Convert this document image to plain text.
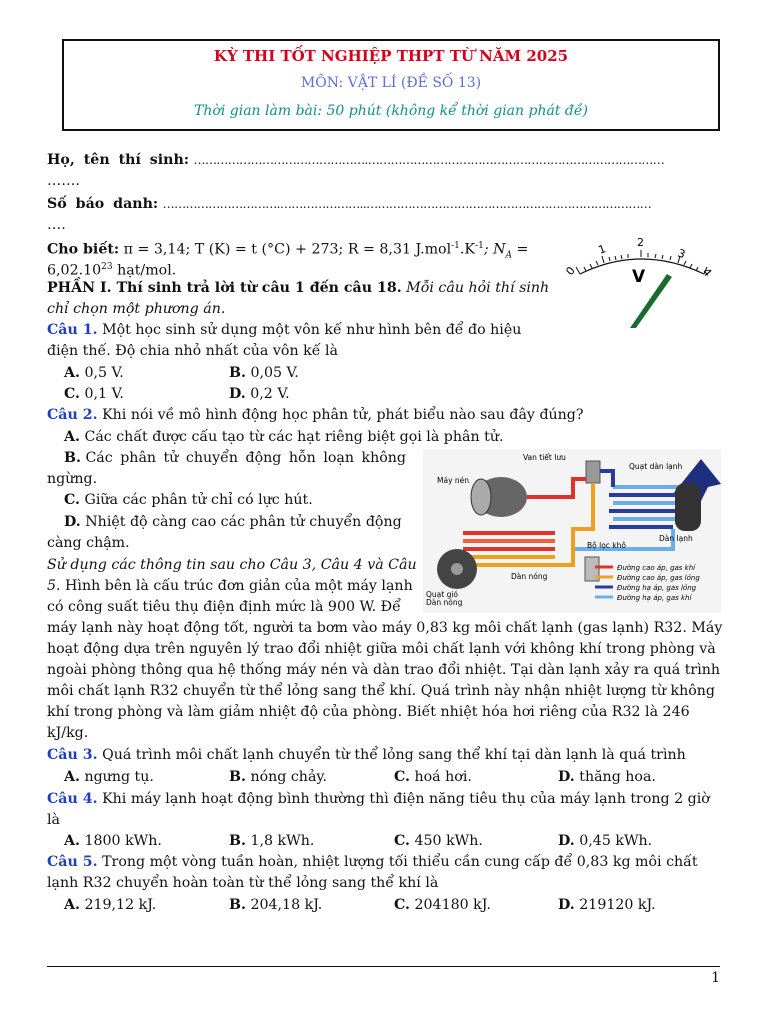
KỲ THI TỐT NGHIỆP THPT TỪ NĂM 2025
MÔN: VẬT LÍ (ĐỀ SỐ 13)
Thời gian làm bài: 50 phút (không kể thời gian phát đề)
Họ, tên thí sinh: ……………………………………….……………………………………………………………………
…….
Số báo danh: ………………………….…………………..…………………………………………………………………
….
Cho biết: π = 3,14; T (K) = t (°C) + 273; R = 8,31 $J.mol^{-1}.K^{-1}$; $N_A$ =
$6,02.10^{23}$ hạt/mol.
PHẦN I. Thí sinh trả lời từ câu 1 đến câu 18. Mỗi câu hỏi thí sinh
chỉ chọn một phương án.
0
1	2
3
4
V
Câu 1. Một học sinh sử dụng một vôn kế như hình bên để đo hiệu
điện thế. Độ chia nhỏ nhất của vôn kế là
A. 0,5 V.	B. 0,05 V.
C. 0,1 V.	D. 0,2 V.
Câu 2. Khi nói về mô hình động học phân tử, phát biểu nào sau đây đúng?
A. Các chất được cấu tạo từ các hạt riêng biệt gọi là phân tử.
B. Các phân tử chuyển động hỗn loạn không
ngừng.
C. Giữa các phân tử chỉ có lực hút.
D. Nhiệt độ càng cao các phân tử chuyển động
càng chậm.
Sử dụng các thông tin sau cho Câu 3, Câu 4 và Câu
5. Hình bên là cấu trúc đơn giản của một máy lạnh
có công suất tiêu thụ điện định mức là 900 W. Để
máy lạnh này hoạt động tốt, người ta bơm vào máy 0,83 kg môi chất lạnh (gas lạnh) R32. Máy
hoạt động dựa trên nguyên lý trao đổi nhiệt giữa môi chất lạnh với không khí trong phòng và
ngoài phòng thông qua hệ thống máy nén và dàn trao đổi nhiệt. Tại dàn lạnh xảy ra quá trình
môi chất lạnh R32 chuyển từ thể lỏng sang thể khí. Quá trình này nhận nhiệt lượng từ không
khí trong phòng và làm giảm nhiệt độ của phòng. Biết nhiệt hóa hơi riêng của R32 là 246
kJ/kg.
Van tiết lưu
Quạt dàn lạnh
Máy nén
Bộ lọc khô
Dàn lạnh
Dàn nóng
Quạt gió
Dàn nóng
Đường cao áp, gas khí
Đường cao áp, gas lỏng
Đường hạ áp, gas lỏng
Đường hạ áp, gas khí
Câu 3. Quá trình môi chất lạnh chuyển từ thể lỏng sang thể khí tại dàn lạnh là quá trình
A. ngưng tụ.	B. nóng chảy.	C. hoá hơi.	D. thăng hoa.
Câu 4. Khi máy lạnh hoạt động bình thường thì điện năng tiêu thụ của máy lạnh trong 2 giờ
là
A. 1800 kWh.	B. 1,8 kWh.	C. 450 kWh.	D. 0,45 kWh.
Câu 5. Trong một vòng tuần hoàn, nhiệt lượng tối thiểu cần cung cấp để 0,83 kg môi chất
lạnh R32 chuyển hoàn toàn từ thể lỏng sang thể khí là
A. 219,12 kJ.	B. 204,18 kJ.	C. 204180 kJ.	D. 219120 kJ.
1
